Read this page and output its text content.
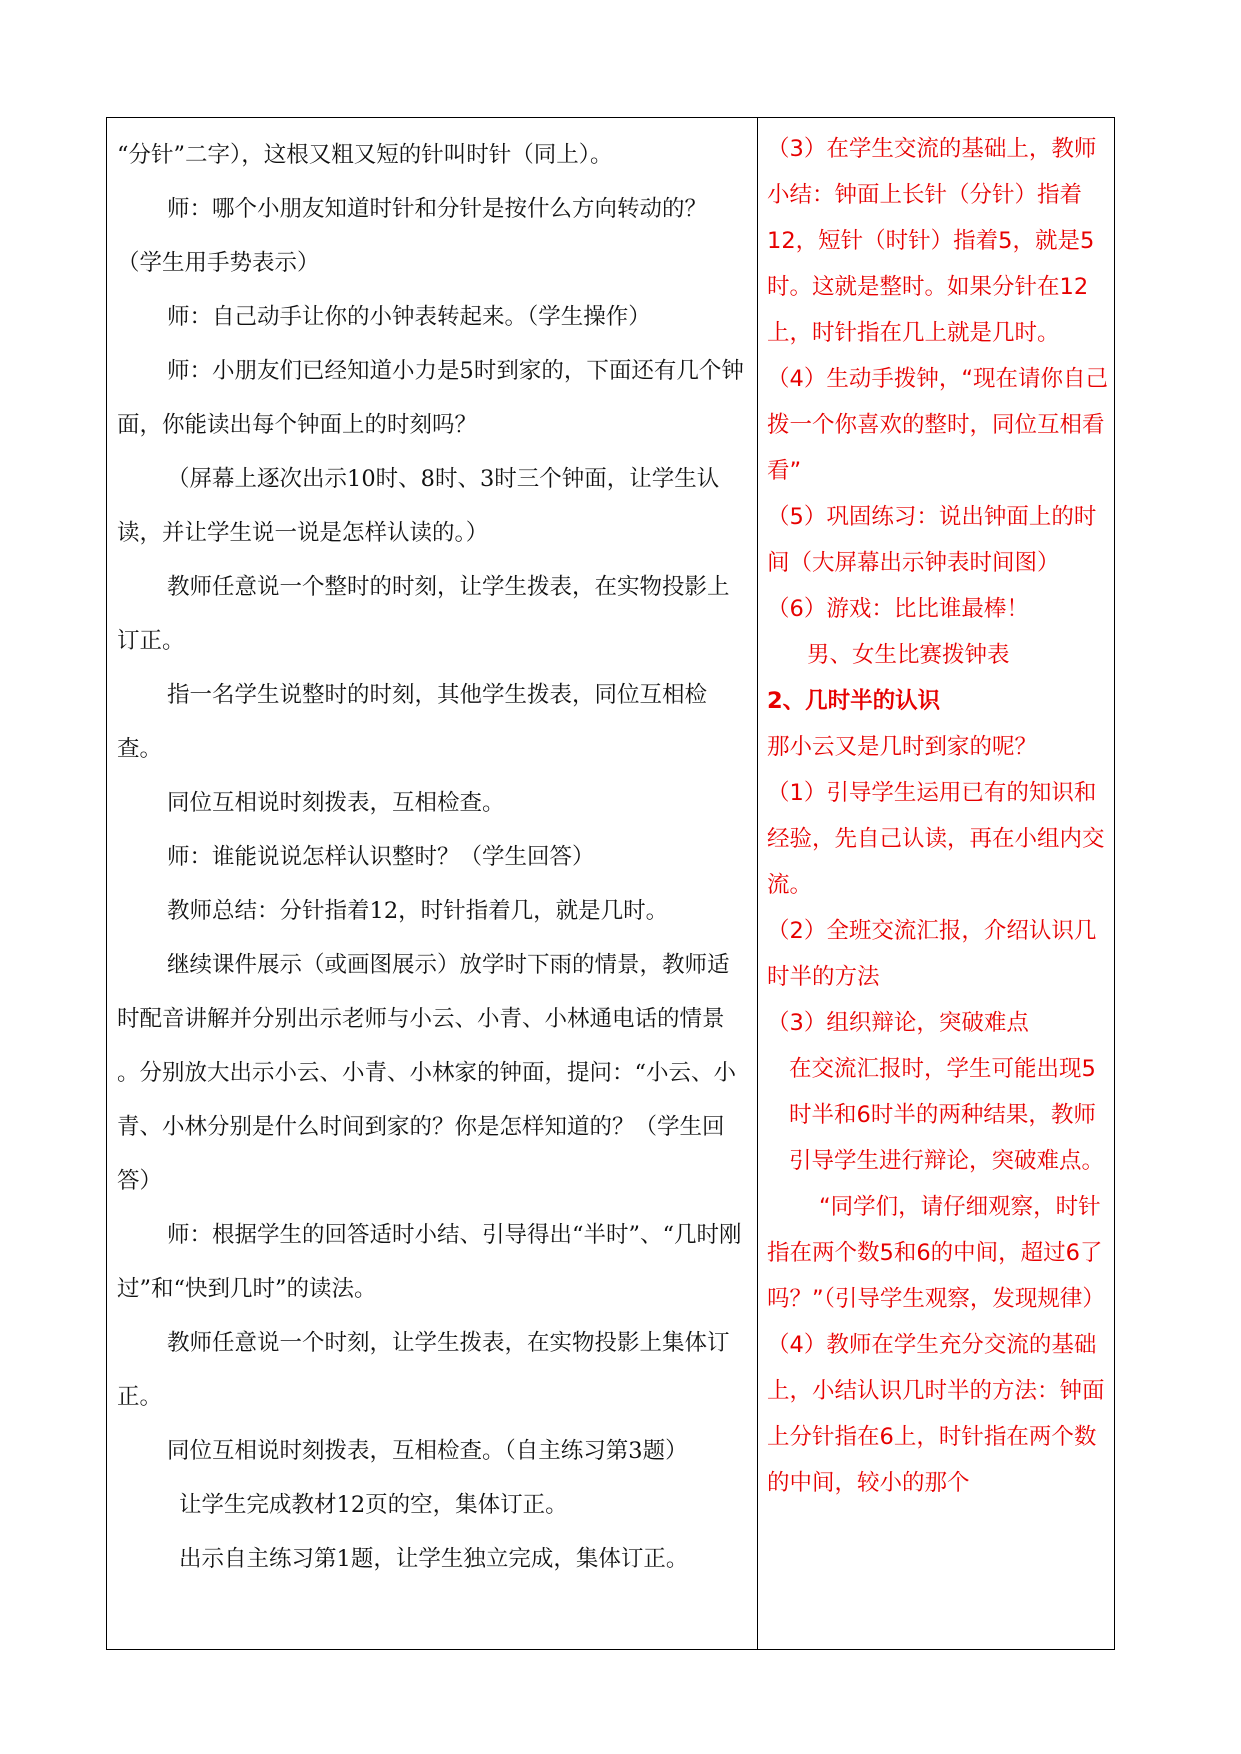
“分针”二字），这根又粗又短的针叫时针（同上）。

师：哪个小朋友知道时针和分针是按什么方向转动的？（学生用手势表示）

师：自己动手让你的小钟表转起来。（学生操作）

师：小朋友们已经知道小力是5时到家的，下面还有几个钟面，你能读出每个钟面上的时刻吗？

（屏幕上逐次出示10时、8时、3时三个钟面，让学生认读，并让学生说一说是怎样认读的。）

教师任意说一个整时的时刻，让学生拨表，在实物投影上订正。

指一名学生说整时的时刻，其他学生拨表，同位互相检查。

同位互相说时刻拨表，互相检查。

师：谁能说说怎样认识整时？（学生回答）

教师总结：分针指着12，时针指着几，就是几时。

继续课件展示（或画图展示）放学时下雨的情景，教师适时配音讲解并分别出示老师与小云、小青、小林通电话的情景 。分别放大出示小云、小青、小林家的钟面，提问：“小云、小青、小林分别是什么时间到家的？你是怎样知道的？（学生回答）

师：根据学生的回答适时小结、引导得出“半时”、“几时刚过”和“快到几时”的读法。

教师任意说一个时刻，让学生拨表，在实物投影上集体订正。

同位互相说时刻拨表，互相检查。（自主练习第3题）

让学生完成教材12页的空，集体订正。

出示自主练习第1题，让学生独立完成，集体订正。

（3）在学生交流的基础上，教师小结：钟面上长针（分针）指着12，短针（时针）指着5，就是5时。这就是整时。如果分针在12上，时针指在几上就是几时。

（4）生动手拨钟，“现在请你自己拨一个你喜欢的整时，同位互相看看”

（5）巩固练习：说出钟面上的时间（大屏幕出示钟表时间图）

（6）游戏：比比谁最棒！

男、女生比赛拨钟表

2、几时半的认识

那小云又是几时到家的呢？

（1）引导学生运用已有的知识和经验，先自己认读，再在小组内交流。

（2）全班交流汇报，介绍认识几时半的方法

（3）组织辩论，突破难点

在交流汇报时，学生可能出现5时半和6时半的两种结果，教师引导学生进行辩论，突破难点。

“同学们，请仔细观察，时针指在两个数5和6的中间，超过6了吗？”（引导学生观察，发现规律）

（4）教师在学生充分交流的基础上，小结认识几时半的方法：钟面上分针指在6上，时针指在两个数的中间，较小的那个
